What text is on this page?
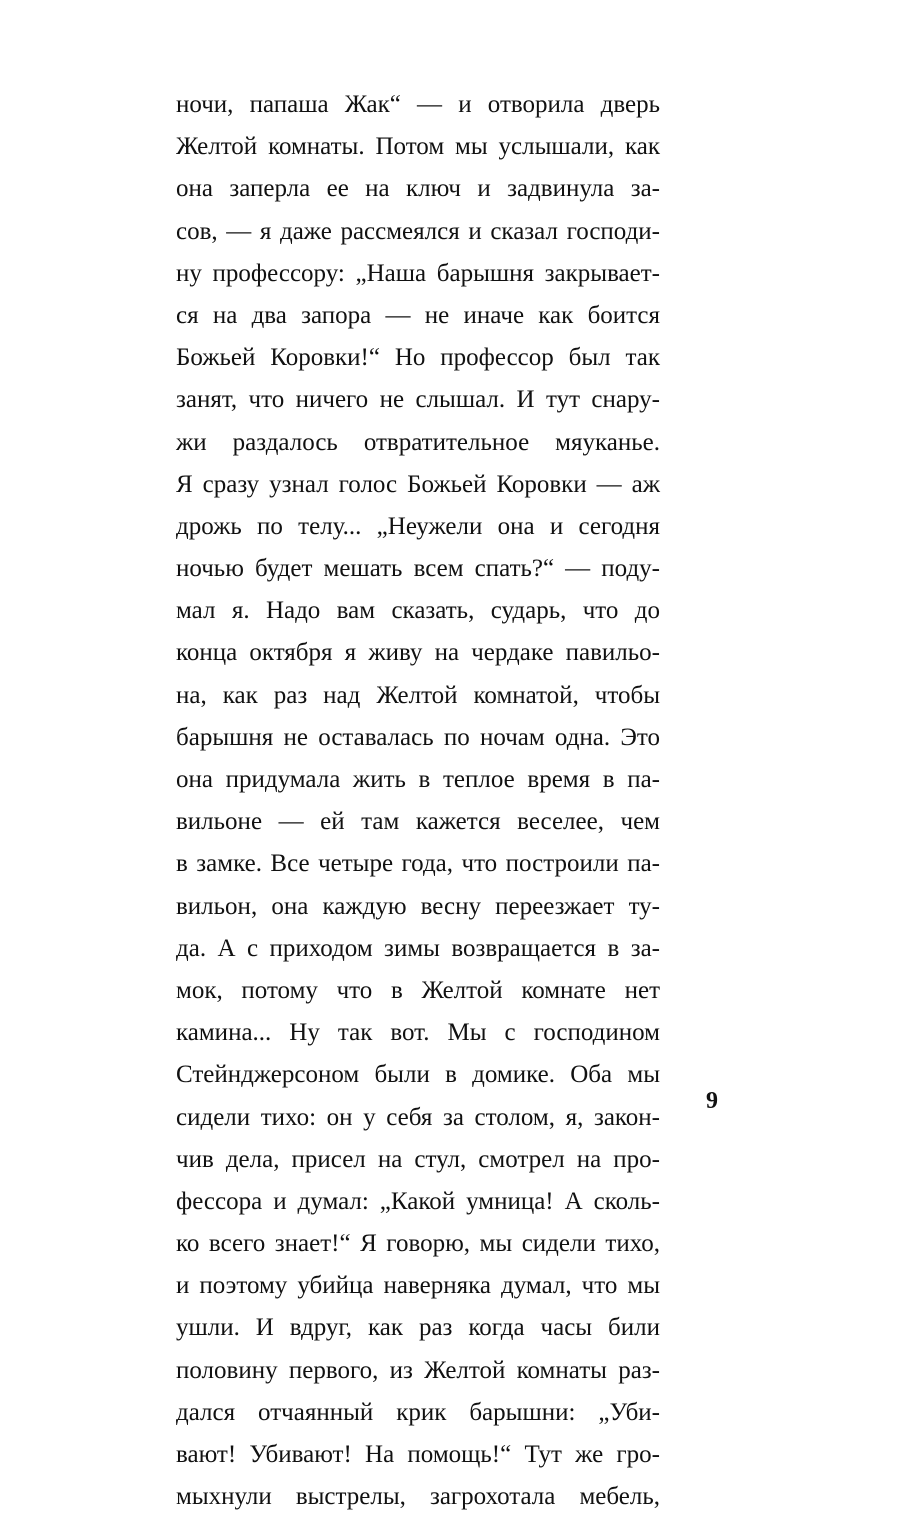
ночи, папаша Жак“ — и отворила дверь
Желтой комнаты. Потом мы услышали, как
она заперла ее на ключ и задвинула за-
сов, — я даже рассмеялся и сказал господи-
ну профессору: „Наша барышня закрывает-
ся на два запора — не иначе как боится
Божьей Коровки!“ Но профессор был так
занят, что ничего не слышал. И тут снару-
жи раздалось отвратительное мяуканье.
Я сразу узнал голос Божьей Коровки — аж
дрожь по телу... „Неужели она и сегодня
ночью будет мешать всем спать?“ — поду-
мал я. Надо вам сказать, сударь, что до
конца октября я живу на чердаке павильо-
на, как раз над Желтой комнатой, чтобы
барышня не оставалась по ночам одна. Это
она придумала жить в теплое время в па-
вильоне — ей там кажется веселее, чем
в замке. Все четыре года, что построили па-
вильон, она каждую весну переезжает ту-
да. А с приходом зимы возвращается в за-
мок, потому что в Желтой комнате нет
камина... Ну так вот. Мы с господином
Стейнджерсоном были в домике. Оба мы
сидели тихо: он у себя за столом, я, закон-
чив дела, присел на стул, смотрел на про-
фессора и думал: „Какой умница! А сколь-
ко всего знает!“ Я говорю, мы сидели тихо,
и поэтому убийца наверняка думал, что мы
ушли. И вдруг, как раз когда часы били
половину первого, из Желтой комнаты раз-
дался отчаянный крик барышни: „Уби-
вают! Убивают! На помощь!“ Тут же гро-
мыхнули выстрелы, загрохотала мебель,
9
